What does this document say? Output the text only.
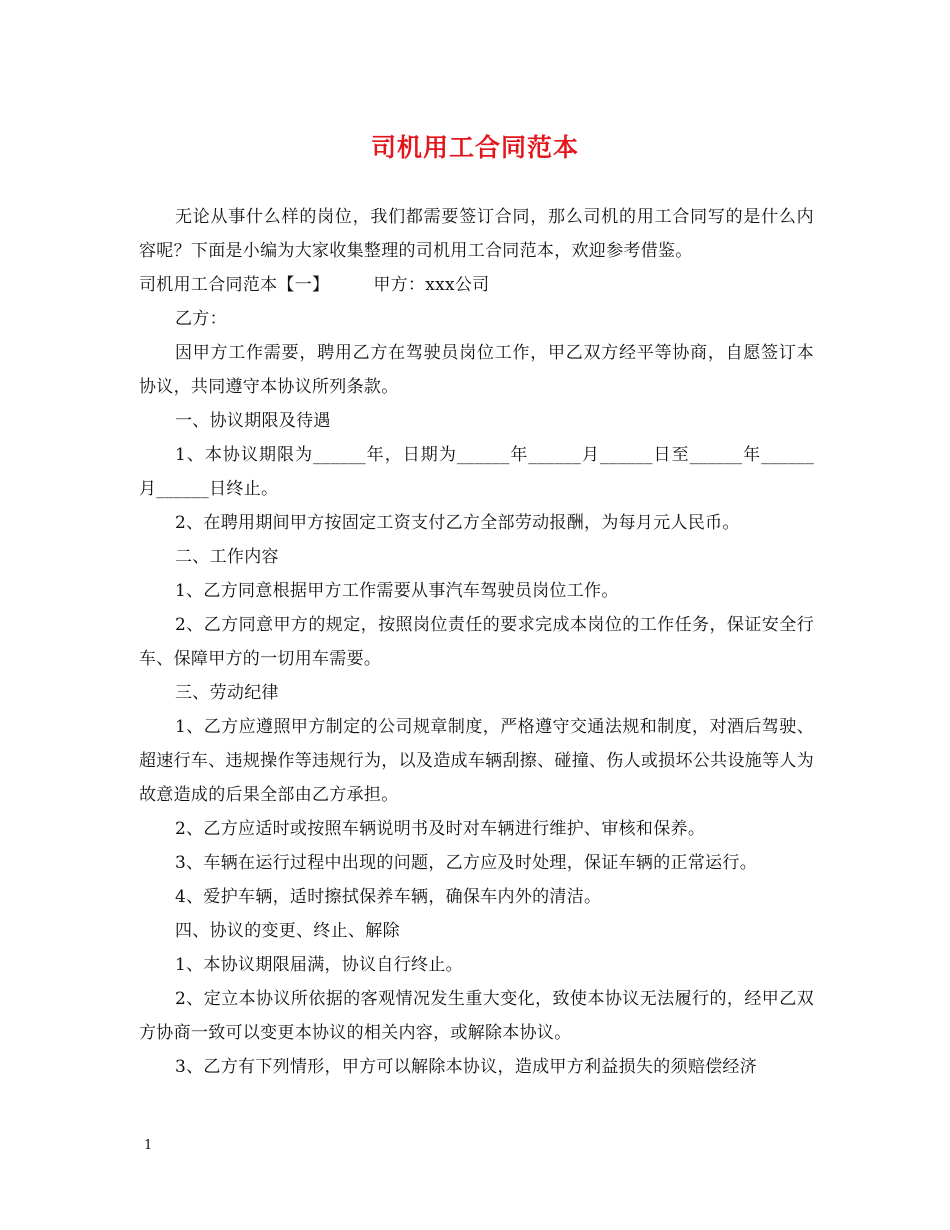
司机用工合同范本

无论从事什么样的岗位，我们都需要签订合同，那么司机的用工合同写的是什么内容呢？下面是小编为大家收集整理的司机用工合同范本，欢迎参考借鉴。

司机用工合同范本【一】	甲方：xxx公司

乙方：

因甲方工作需要，聘用乙方在驾驶员岗位工作，甲乙双方经平等协商，自愿签订本协议，共同遵守本协议所列条款。

一、协议期限及待遇

1、本协议期限为______年，日期为______年______月______日至______年______月______日终止。

2、在聘用期间甲方按固定工资支付乙方全部劳动报酬，为每月元人民币。

二、工作内容

1、乙方同意根据甲方工作需要从事汽车驾驶员岗位工作。

2、乙方同意甲方的规定，按照岗位责任的要求完成本岗位的工作任务，保证安全行车、保障甲方的一切用车需要。

三、劳动纪律

1、乙方应遵照甲方制定的公司规章制度，严格遵守交通法规和制度，对酒后驾驶、超速行车、违规操作等违规行为，以及造成车辆刮擦、碰撞、伤人或损坏公共设施等人为故意造成的后果全部由乙方承担。

2、乙方应适时或按照车辆说明书及时对车辆进行维护、审核和保养。

3、车辆在运行过程中出现的问题，乙方应及时处理，保证车辆的正常运行。

4、爱护车辆，适时擦拭保养车辆，确保车内外的清洁。

四、协议的变更、终止、解除

1、本协议期限届满，协议自行终止。

2、定立本协议所依据的客观情况发生重大变化，致使本协议无法履行的，经甲乙双方协商一致可以变更本协议的相关内容，或解除本协议。

3、乙方有下列情形，甲方可以解除本协议，造成甲方利益损失的须赔偿经济

1
